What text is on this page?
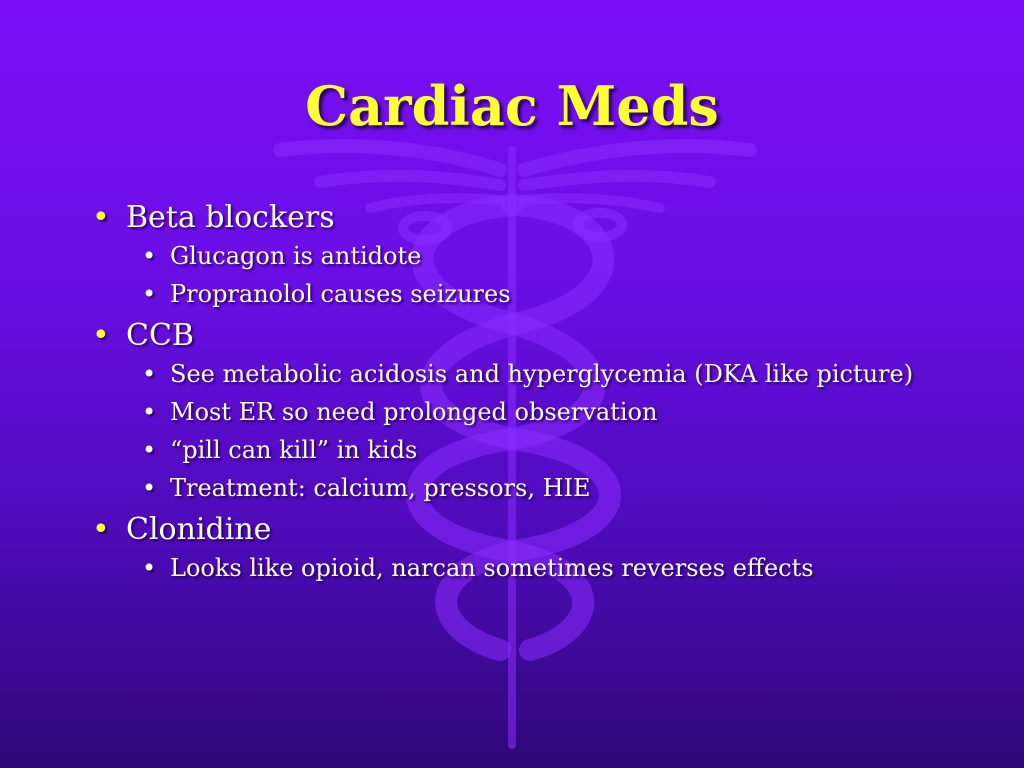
Cardiac Meds
• Beta blockers
• Glucagon is antidote
• Propranolol causes seizures
• CCB
• See metabolic acidosis and hyperglycemia (DKA like picture)
• Most ER so need prolonged observation
• “pill can kill” in kids
• Treatment: calcium, pressors, HIE
• Clonidine
• Looks like opioid, narcan sometimes reverses effects
